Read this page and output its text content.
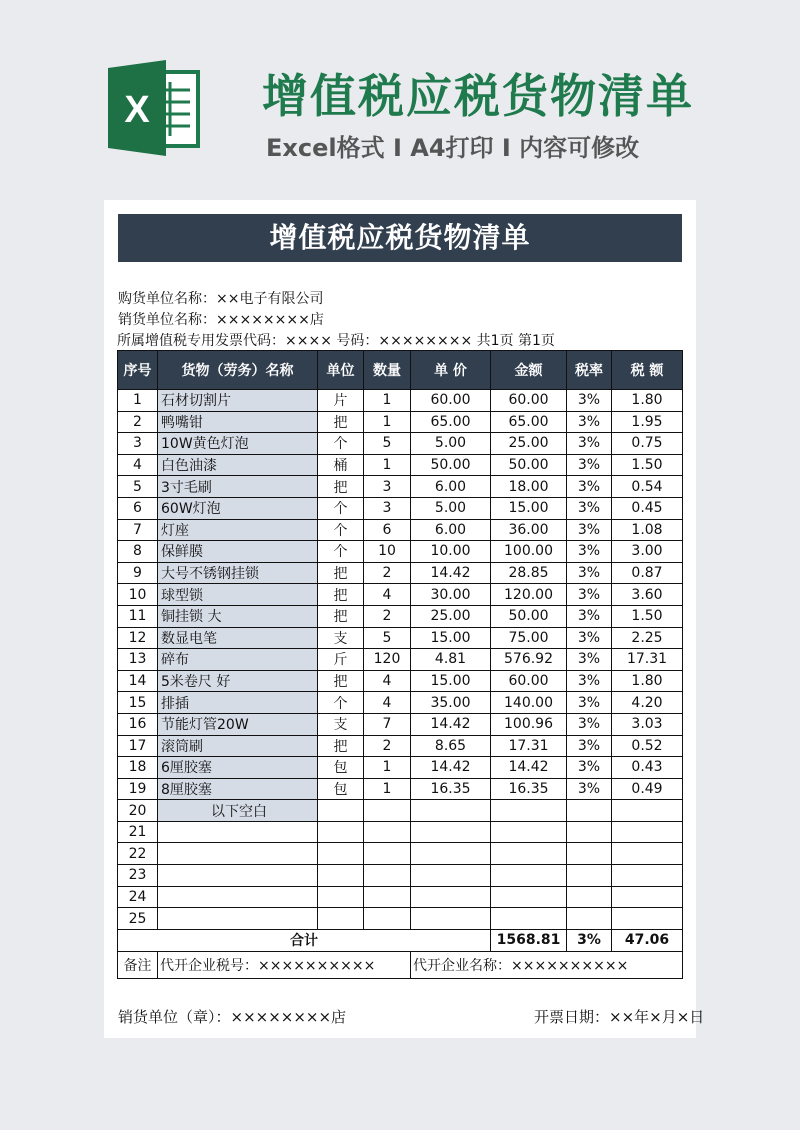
X 增值税应税货物清单
Excel格式 I A4打印 I 内容可修改
增值税应税货物清单
购货单位名称：××电子有限公司
销货单位名称：××××××××店
所属增值税专用发票代码：×××× 号码：×××××××× 共1页 第1页
序号	货物（劳务）名称	单位	数量	单 价	金额	税率	税 额
1	石材切割片	片	1	60.00	60.00	3%	1.80
2	鸭嘴钳	把	1	65.00	65.00	3%	1.95
3	10W黄色灯泡	个	5	5.00	25.00	3%	0.75
4	白色油漆	桶	1	50.00	50.00	3%	1.50
5	3寸毛刷	把	3	6.00	18.00	3%	0.54
6	60W灯泡	个	3	5.00	15.00	3%	0.45
7	灯座	个	6	6.00	36.00	3%	1.08
8	保鲜膜	个	10	10.00	100.00	3%	3.00
9	大号不锈钢挂锁	把	2	14.42	28.85	3%	0.87
10	球型锁	把	4	30.00	120.00	3%	3.60
11	铜挂锁 大	把	2	25.00	50.00	3%	1.50
12	数显电笔	支	5	15.00	75.00	3%	2.25
13	碎布	斤	120	4.81	576.92	3%	17.31
14	5米卷尺 好	把	4	15.00	60.00	3%	1.80
15	排插	个	4	35.00	140.00	3%	4.20
16	节能灯管20W	支	7	14.42	100.96	3%	3.03
17	滚筒刷	把	2	8.65	17.31	3%	0.52
18	6厘胶塞	包	1	14.42	14.42	3%	0.43
19	8厘胶塞	包	1	16.35	16.35	3%	0.49
20	以下空白						
21							
22							
23							
24							
25							
合计					1568.81	3%	47.06
备注	代开企业税号：××××××××××			代开企业名称：××××××××××			
销货单位（章）：××××××××店	开票日期：××年×月×日
